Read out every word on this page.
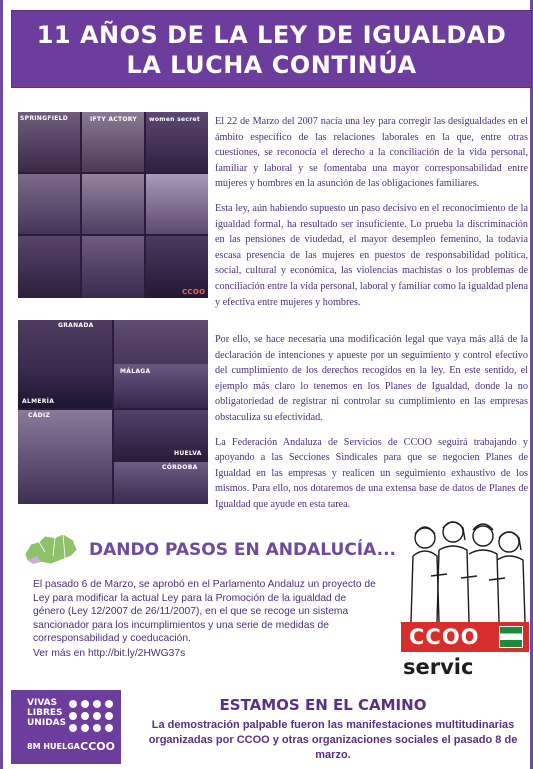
11 AÑOS DE LA LEY DE IGUALDAD
LA LUCHA CONTINÚA
SPRINGFIELD	IFTY ACTORY women secret
CCOO
GRANADA
ALMERÍA
MÁLAGA
CÁDIZ
HUELVA
CÓRDOBA

El 22 de Marzo del 2007 nacía una ley para corregir las desigualdades en el ámbito específico de las relaciones laborales en la que, entre otras cuestiones, se reconocía el derecho a la conciliación de la vida personal, familiar y laboral y se fomentaba una mayor corresponsabilidad entre mujeres y hombres en la asunción de las obligaciones familiares.

Esta ley, aún habiendo supuesto un paso decisivo en el reconocimiento de la igualdad formal, ha resultado ser insuficiente. Lo prueba la discriminación en las pensiones de viudedad, el mayor desempleo femenino, la todavía escasa presencia de las mujeres en puestos de responsabilidad política, social, cultural y económica, las violencias machistas o los problemas de conciliación entre la vida personal, laboral y familiar como la igualdad plena y efectiva entre mujeres y hombres.

Por ello, se hace necesaria una modificación legal que vaya más allá de la declaración de intenciones y apueste por un seguimiento y control efectivo del cumplimiento de los derechos recogidos en la ley. En este sentido, el ejemplo más claro lo tenemos en los Planes de Igualdad, donde la no obligatoriedad de registrar ni controlar su cumplimiento en las empresas obstaculiza su efectividad.

La Federación Andaluza de Servicios de CCOO seguirá trabajando y apoyando a las Secciones Sindicales para que se negocien Planes de Igualdad en las empresas y realicen un seguimiento exhaustivo de los mismos. Para ello, nos dotaremos de una extensa base de datos de Planes de Igualdad que ayude en esta tarea.

DANDO PASOS EN ANDALUCÍA...
El pasado 6 de Marzo, se aprobó en el Parlamento Andaluz un proyecto de Ley para modificar la actual Ley para la Promoción de la igualdad de género (Ley 12/2007 de 26/11/2007), en el que se recoge un sistema sancionador para los incumplimientos y una serie de medidas de corresponsabilidad y coeducación.
Ver más en http://bit.ly/2HWG37s
CCOO
servic
VIVAS LIBRES UNIDAS
8M HUELGA CCOO
ESTAMOS EN EL CAMINO
La demostración palpable fueron las manifestaciones multitudinarias organizadas por CCOO y otras organizaciones sociales el pasado 8 de marzo.
